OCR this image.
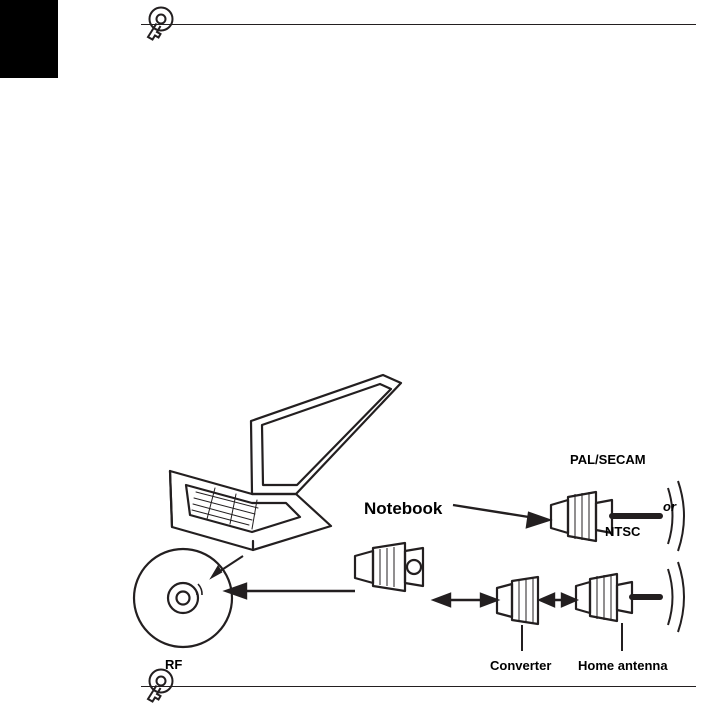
Notebook
PAL/SECAM
NTSC
or
RF	Converter Home antenna
